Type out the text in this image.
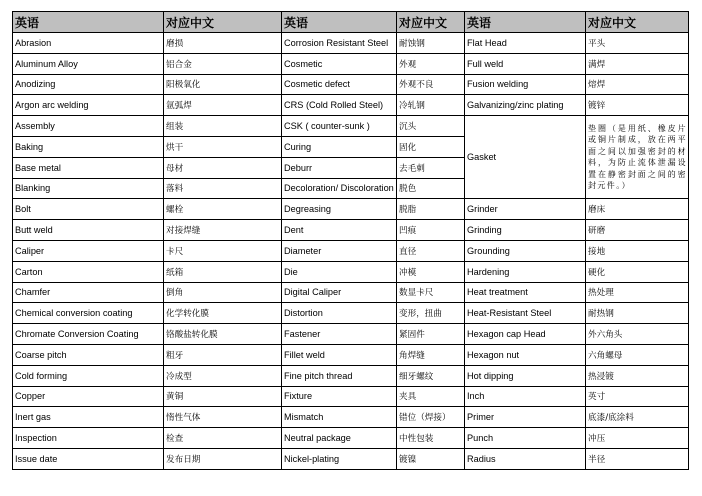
英语	对应中文	英语	对应中文	英语	对应中文
Abrasion	磨损	Corrosion Resistant Steel	耐蚀钢	Flat Head	平头
Aluminum Alloy	铝合金	Cosmetic	外观	Full weld	满焊
Anodizing	阳极氧化	Cosmetic defect	外观不良	Fusion welding	熔焊
Argon arc welding	氩弧焊	CRS (Cold Rolled Steel)	冷轧钢	Galvanizing/zinc plating	镀锌
Assembly	组装	CSK ( counter-sunk )	沉头	Gasket	垫圈（是用纸、橡皮片或铜片制成，放在两平面之间以加强密封的材料，为防止流体泄漏设置在静密封面之间的密封元件。）
Baking	烘干	Curing	固化		
Base metal	母材	Deburr	去毛刺		
Blanking	落料	Decoloration/ Discoloration	脱色		
Bolt	螺栓	Degreasing	脱脂	Grinder	磨床
Butt weld	对接焊缝	Dent	凹痕	Grinding	研磨
Caliper	卡尺	Diameter	直径	Grounding	接地
Carton	纸箱	Die	冲模	Hardening	硬化
Chamfer	倒角	Digital Caliper	数显卡尺	Heat treatment	热处理
Chemical conversion coating	化学转化膜	Distortion	变形，扭曲	Heat-Resistant Steel	耐热钢
Chromate Conversion Coating	铬酸盐转化膜	Fastener	紧固件	Hexagon cap Head	外六角头
Coarse pitch	粗牙	Fillet weld	角焊缝	Hexagon nut	六角螺母
Cold forming	冷成型	Fine pitch thread	细牙螺纹	Hot dipping	热浸镀
Copper	黄铜	Fixture	夹具	Inch	英寸
Inert gas	惰性气体	Mismatch	错位（焊接）	Primer	底漆/底涂料
Inspection	检查	Neutral package	中性包装	Punch	冲压
Issue date	发布日期	Nickel-plating	镀镍	Radius	半径
